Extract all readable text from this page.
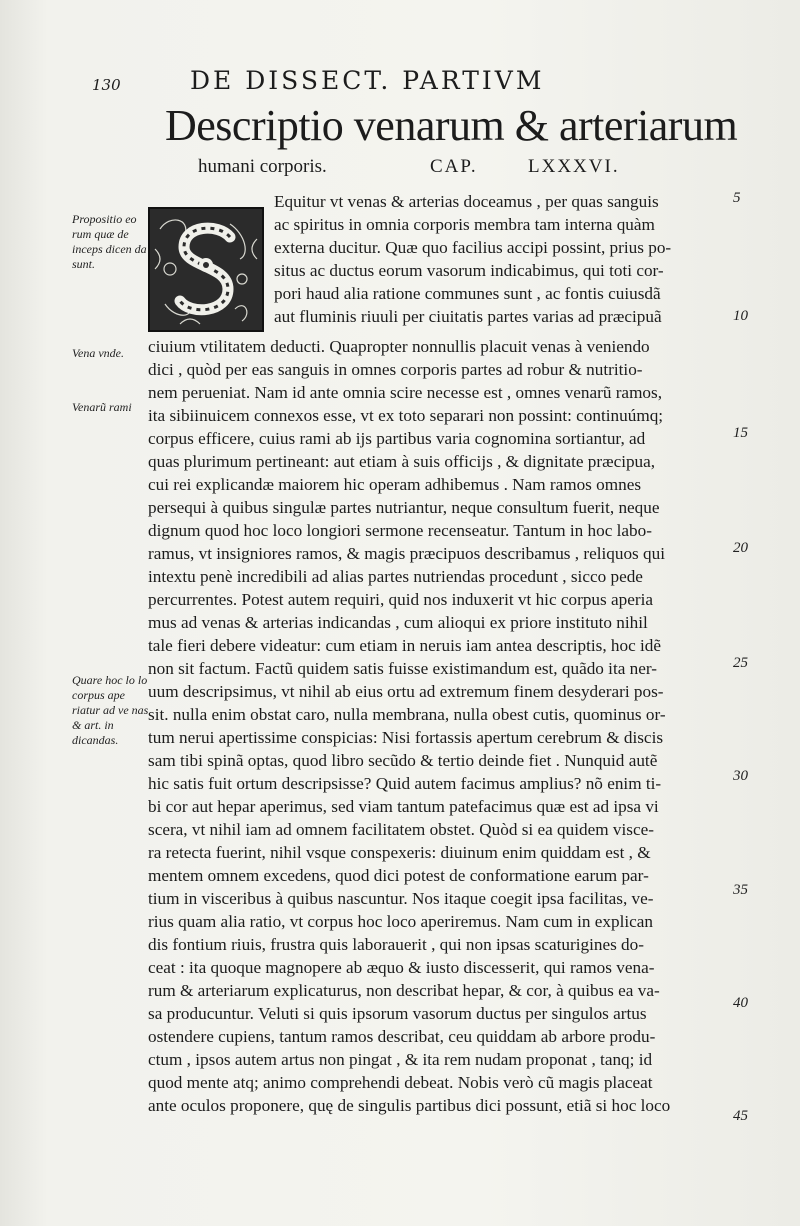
130	DE DISSECT. PARTIVM
Descriptio venarum & arteriarum
humani corporis.	CAP.	LXXXVI.
Equitur vt venas & arterias doceamus , per quas sanguis
ac spiritus in omnia corporis membra tam interna quàm
externa ducitur. Quæ quo facilius accipi possint, prius po-
situs ac ductus eorum vasorum indicabimus, qui toti cor-
pori haud alia ratione communes sunt , ac fontis cuiusdã
aut fluminis riuuli per ciuitatis partes varias ad præcipuã
ciuium vtilitatem deducti. Quapropter nonnullis placuit venas à veniendo
dici , quòd per eas sanguis in omnes corporis partes ad robur & nutritio-
nem perueniat. Nam id ante omnia scire necesse est , omnes venarũ ramos,
ita sibiinuicem connexos esse, vt ex toto separari non possint: continuúmq;
corpus efficere, cuius rami ab ijs partibus varia cognomina sortiantur, ad
quas plurimum pertineant: aut etiam à suis officijs , & dignitate præcipua,
cui rei explicandæ maiorem hic operam adhibemus . Nam ramos omnes
persequi à quibus singulæ partes nutriantur, neque consultum fuerit, neque
dignum quod hoc loco longiori sermone recenseatur. Tantum in hoc labo-
ramus, vt insigniores ramos, & magis præcipuos describamus , reliquos qui
intextu penè incredibili ad alias partes nutriendas procedunt , sicco pede
percurrentes. Potest autem requiri, quid nos induxerit vt hic corpus aperia
mus ad venas & arterias indicandas , cum alioqui ex priore instituto nihil
tale fieri debere videatur: cum etiam in neruis iam antea descriptis, hoc idẽ
non sit factum. Factũ quidem satis fuisse existimandum est, quãdo ita ner-
uum descripsimus, vt nihil ab eius ortu ad extremum finem desyderari pos-
sit. nulla enim obstat caro, nulla membrana, nulla obest cutis, quominus or-
tum nerui apertissime conspicias: Nisi fortassis apertum cerebrum & discis
sam tibi spinã optas, quod libro secũdo & tertio deinde fiet . Nunquid autẽ
hic satis fuit ortum descripsisse? Quid autem facimus amplius? nõ enim ti-
bi cor aut hepar aperimus, sed viam tantum patefacimus quæ est ad ipsa vi
scera, vt nihil iam ad omnem facilitatem obstet. Quòd si ea quidem visce-
ra retecta fuerint, nihil vsque conspexeris: diuinum enim quiddam est , &
mentem omnem excedens, quod dici potest de conformatione earum par-
tium in visceribus à quibus nascuntur. Nos itaque coegit ipsa facilitas, ve-
rius quam alia ratio, vt corpus hoc loco aperiremus. Nam cum in explican
dis fontium riuis, frustra quis laborauerit , qui non ipsas scaturigines do-
ceat : ita quoque magnopere ab æquo & iusto discesserit, qui ramos vena-
rum & arteriarum explicaturus, non describat hepar, & cor, à quibus ea va-
sa producuntur. Veluti si quis ipsorum vasorum ductus per singulos artus
ostendere cupiens, tantum ramos describat, ceu quiddam ab arbore produ-
ctum , ipsos autem artus non pingat , & ita rem nudam proponat , tanq; id
quod mente atq; animo comprehendi debeat. Nobis verò cũ magis placeat
ante oculos proponere, quę de singulis partibus dici possunt, etiã si hoc loco
Propositio eo rum quæ de inceps dicen da sunt.
Vena vnde.
Venarũ rami
Quare hoc lo lo corpus ape riatur ad ve nas & art. in dicandas.
5
10
15
20
25
30
35
40
45
